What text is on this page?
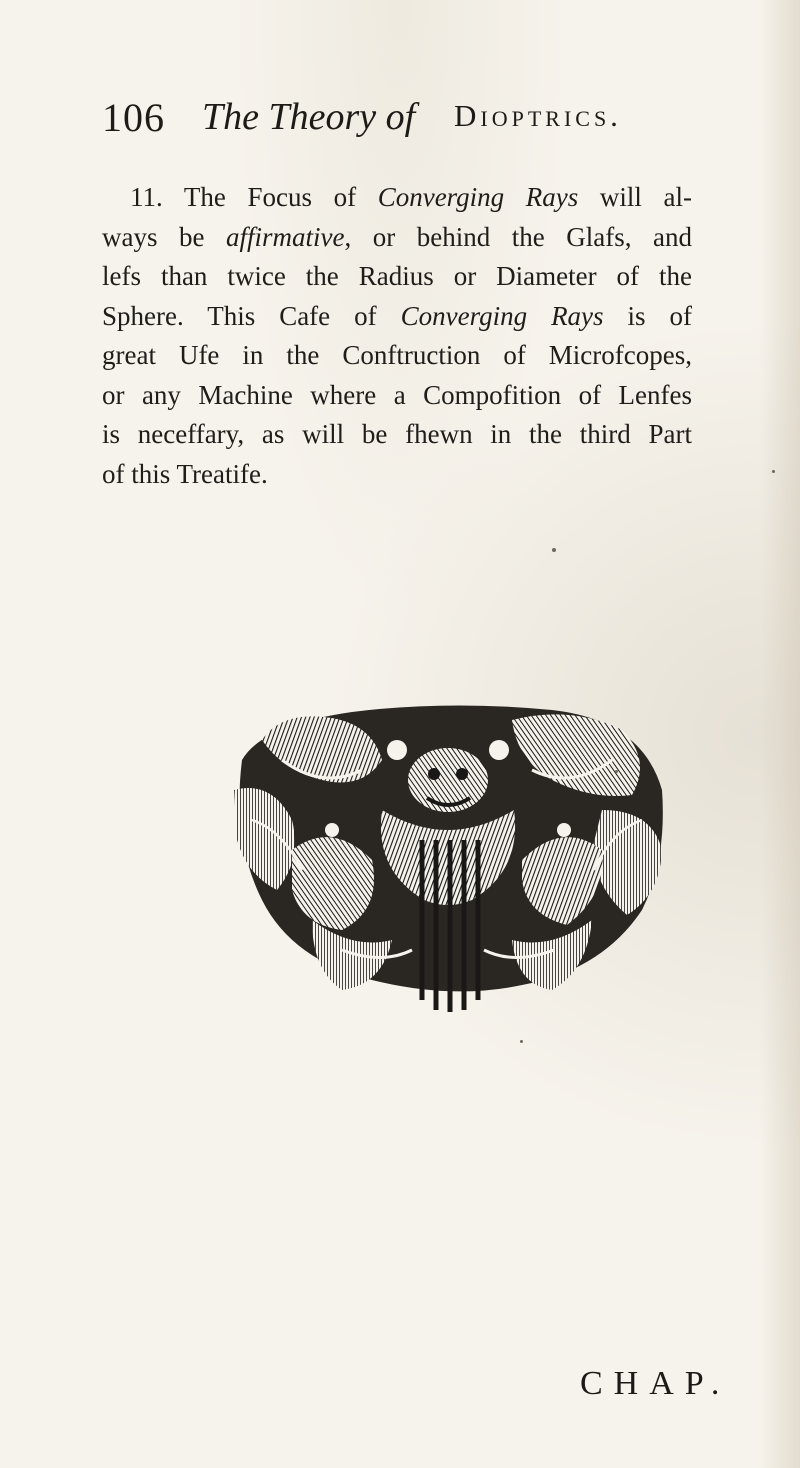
106 The Theory of Dioptrics.
11. The Focus of Converging Rays will al-
ways be affirmative, or behind the Glafs, and
lefs than twice the Radius or Diameter of the
Sphere. This Cafe of Converging Rays is of
great Ufe in the Conftruction of Microfcopes,
or any Machine where a Compofition of Lenfes
is neceffary, as will be fhewn in the third Part
of this Treatife.
CHAP.
